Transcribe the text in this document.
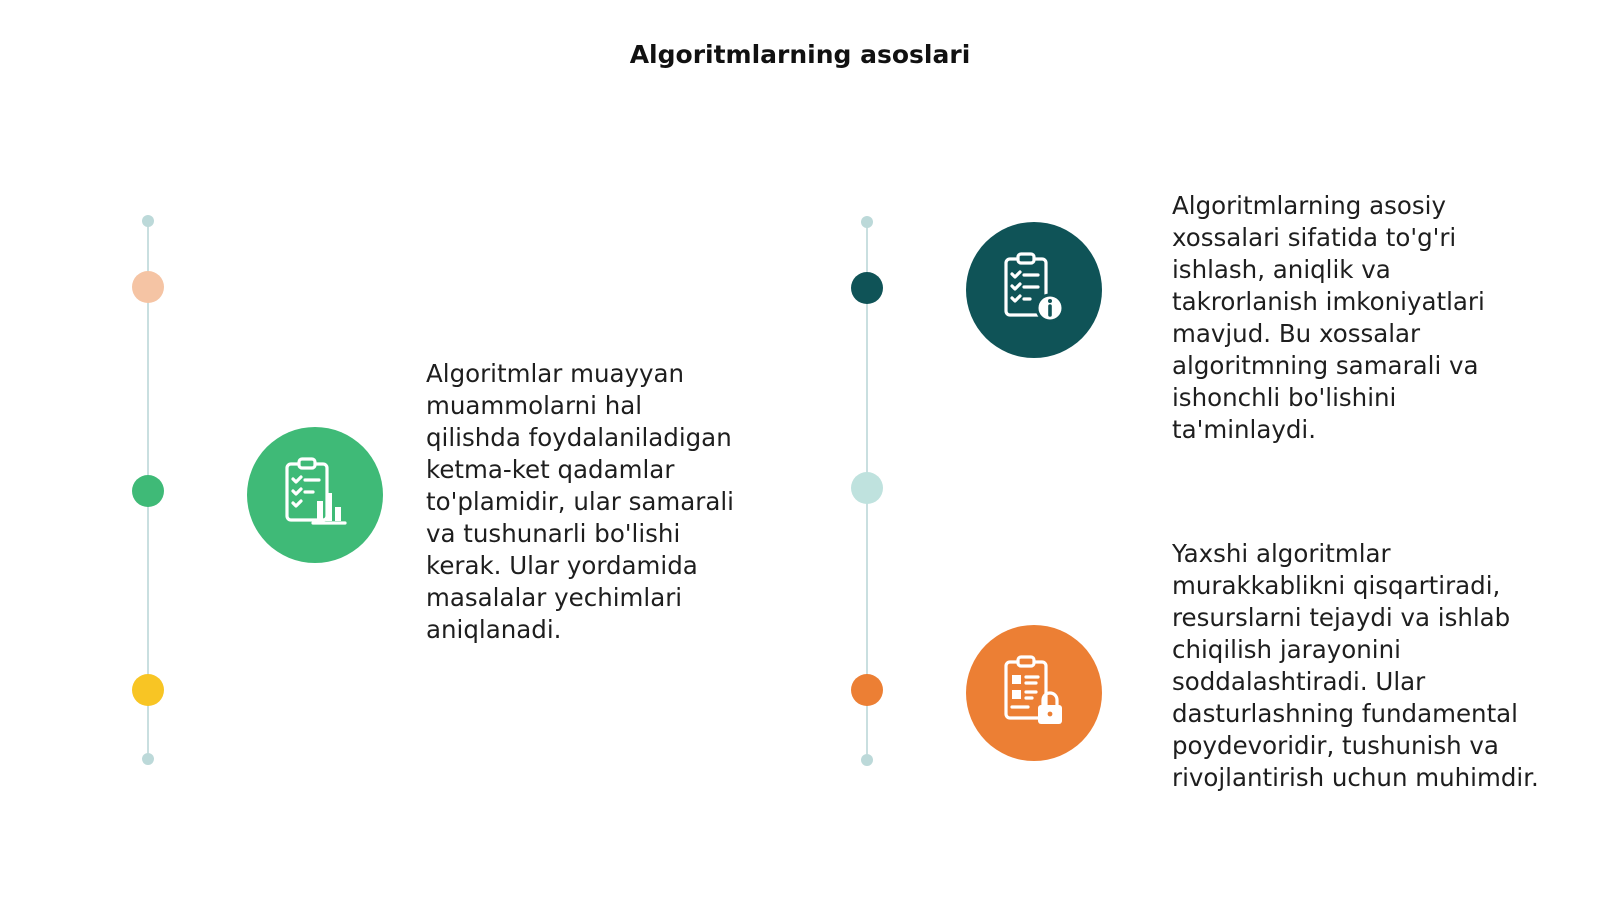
Algoritmlarning asoslari
Algoritmlar muayyan muammolarni hal qilishda foydalaniladigan ketma-ket qadamlar to'plamidir, ular samarali va tushunarli bo'lishi kerak. Ular yordamida masalalar yechimlari aniqlanadi.
Algoritmlarning asosiy xossalari sifatida to'g'ri ishlash, aniqlik va takrorlanish imkoniyatlari mavjud. Bu xossalar algoritmning samarali va ishonchli bo'lishini ta'minlaydi.
Yaxshi algoritmlar murakkablikni qisqartiradi, resurslarni tejaydi va ishlab chiqilish jarayonini soddalashtiradi. Ular dasturlashning fundamental poydevoridir, tushunish va rivojlantirish uchun muhimdir.
